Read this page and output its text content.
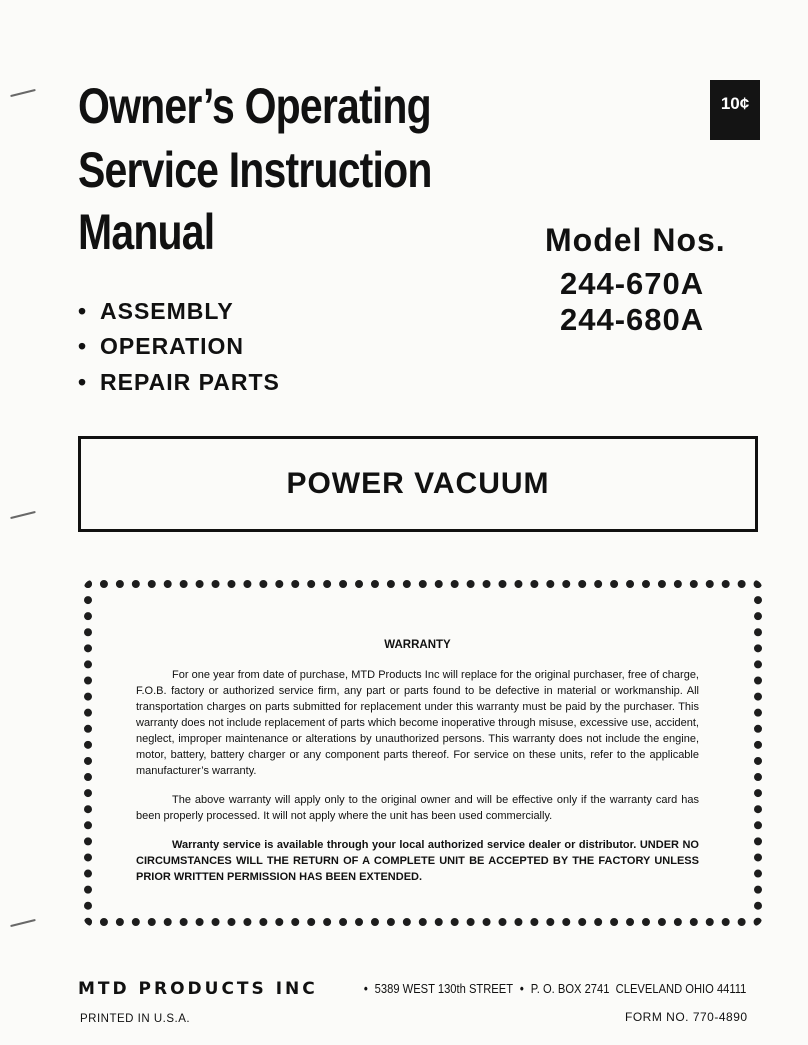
Owner’s Operating
Service Instruction
Manual
10¢
Model Nos.
244-670A
244-680A
• ASSEMBLY
• OPERATION
• REPAIR PARTS
POWER VACUUM
WARRANTY

For one year from date of purchase, MTD Products Inc will replace for the original purchaser, free of charge, F.O.B. factory or authorized service firm, any part or parts found to be defective in material or workmanship. All transportation charges on parts submitted for replacement under this warranty must be paid by the purchaser. This warranty does not include replacement of parts which become inoperative through misuse, excessive use, accident, neglect, improper maintenance or alterations by unauthorized persons. This warranty does not include the engine, motor, battery, battery charger or any component parts thereof. For service on these units, refer to the applicable manufacturer’s warranty.

The above warranty will apply only to the original owner and will be effective only if the warranty card has been properly processed. It will not apply where the unit has been used commercially.

Warranty service is available through your local authorized service dealer or distributor. UNDER NO CIRCUMSTANCES WILL THE RETURN OF A COMPLETE UNIT BE ACCEPTED BY THE FACTORY UNLESS PRIOR WRITTEN PERMISSION HAS BEEN EXTENDED.

MTD PRODUCTS INC	• 5389 WEST 130th STREET • P. O. BOX 2741 CLEVELAND OHIO 44111
PRINTED IN U.S.A.	FORM NO. 770-4890
